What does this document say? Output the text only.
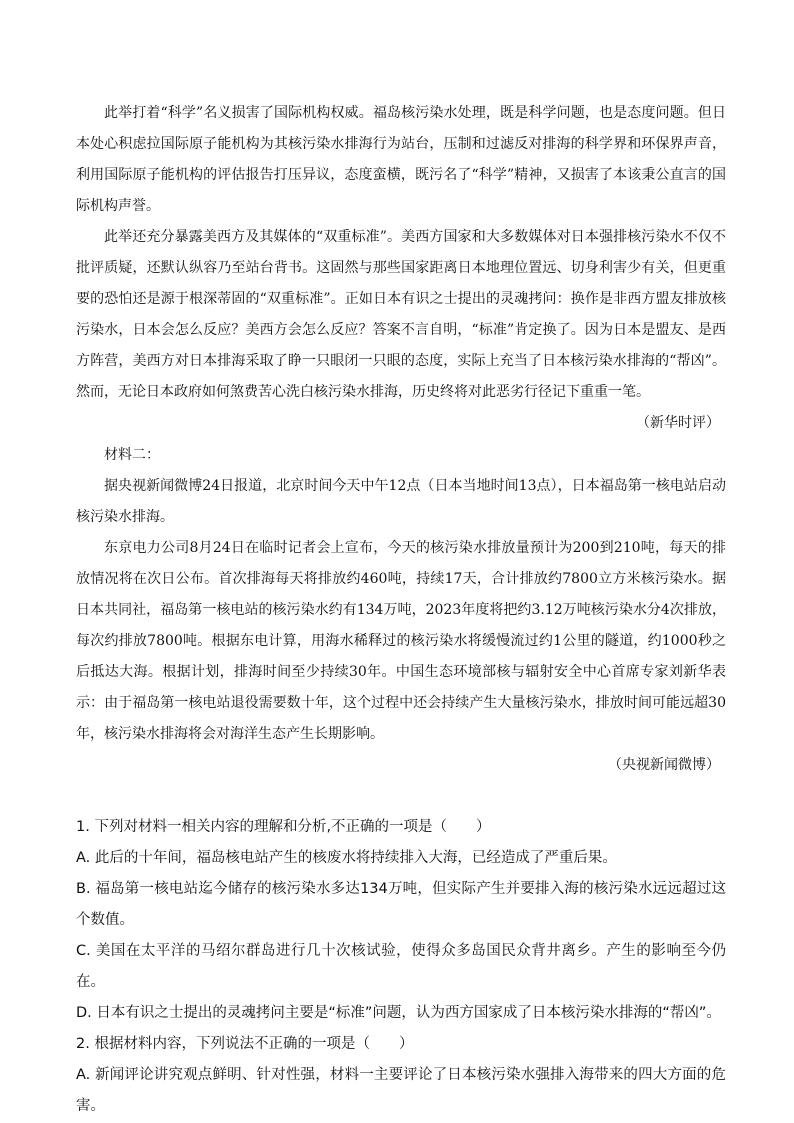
此举打着“科学”名义损害了国际机构权威。福岛核污染水处理，既是科学问题，也是态度问题。但日本处心积虑拉国际原子能机构为其核污染水排海行为站台，压制和过滤反对排海的科学界和环保界声音，利用国际原子能机构的评估报告打压异议，态度蛮横，既污名了“科学”精神，又损害了本该秉公直言的国际机构声誉。

此举还充分暴露美西方及其媒体的“双重标准”。美西方国家和大多数媒体对日本强排核污染水不仅不批评质疑，还默认纵容乃至站台背书。这固然与那些国家距离日本地理位置远、切身利害少有关，但更重要的恐怕还是源于根深蒂固的“双重标准”。正如日本有识之士提出的灵魂拷问：换作是非西方盟友排放核污染水，日本会怎么反应？美西方会怎么反应？答案不言自明，“标准”肯定换了。因为日本是盟友、是西方阵营，美西方对日本排海采取了睁一只眼闭一只眼的态度，实际上充当了日本核污染水排海的“帮凶”。然而，无论日本政府如何煞费苦心洗白核污染水排海，历史终将对此恶劣行径记下重重一笔。

（新华时评）

材料二：

据央视新闻微博24日报道，北京时间今天中午12点（日本当地时间13点），日本福岛第一核电站启动核污染水排海。

东京电力公司8月24日在临时记者会上宣布，今天的核污染水排放量预计为200到210吨，每天的排放情况将在次日公布。首次排海每天将排放约460吨，持续17天，合计排放约7800立方米核污染水。据日本共同社，福岛第一核电站的核污染水约有134万吨，2023年度将把约3.12万吨核污染水分4次排放，每次约排放7800吨。根据东电计算，用海水稀释过的核污染水将缓慢流过约1公里的隧道，约1000秒之后抵达大海。根据计划，排海时间至少持续30年。中国生态环境部核与辐射安全中心首席专家刘新华表示：由于福岛第一核电站退役需要数十年，这个过程中还会持续产生大量核污染水，排放时间可能远超30年，核污染水排海将会对海洋生态产生长期影响。

（央视新闻微博）

1. 下列对材料一相关内容的理解和分析,不正确的一项是（　　）

A. 此后的十年间，福岛核电站产生的核废水将持续排入大海，已经造成了严重后果。

B. 福岛第一核电站迄今储存的核污染水多达134万吨，但实际产生并要排入海的核污染水远远超过这个数值。

C. 美国在太平洋的马绍尔群岛进行几十次核试验，使得众多岛国民众背井离乡。产生的影响至今仍在。

D. 日本有识之士提出的灵魂拷问主要是“标准”问题，认为西方国家成了日本核污染水排海的“帮凶”。

2. 根据材料内容，下列说法不正确的一项是（　　）

A. 新闻评论讲究观点鲜明、针对性强，材料一主要评论了日本核污染水强排入海带来的四大方面的危害。
